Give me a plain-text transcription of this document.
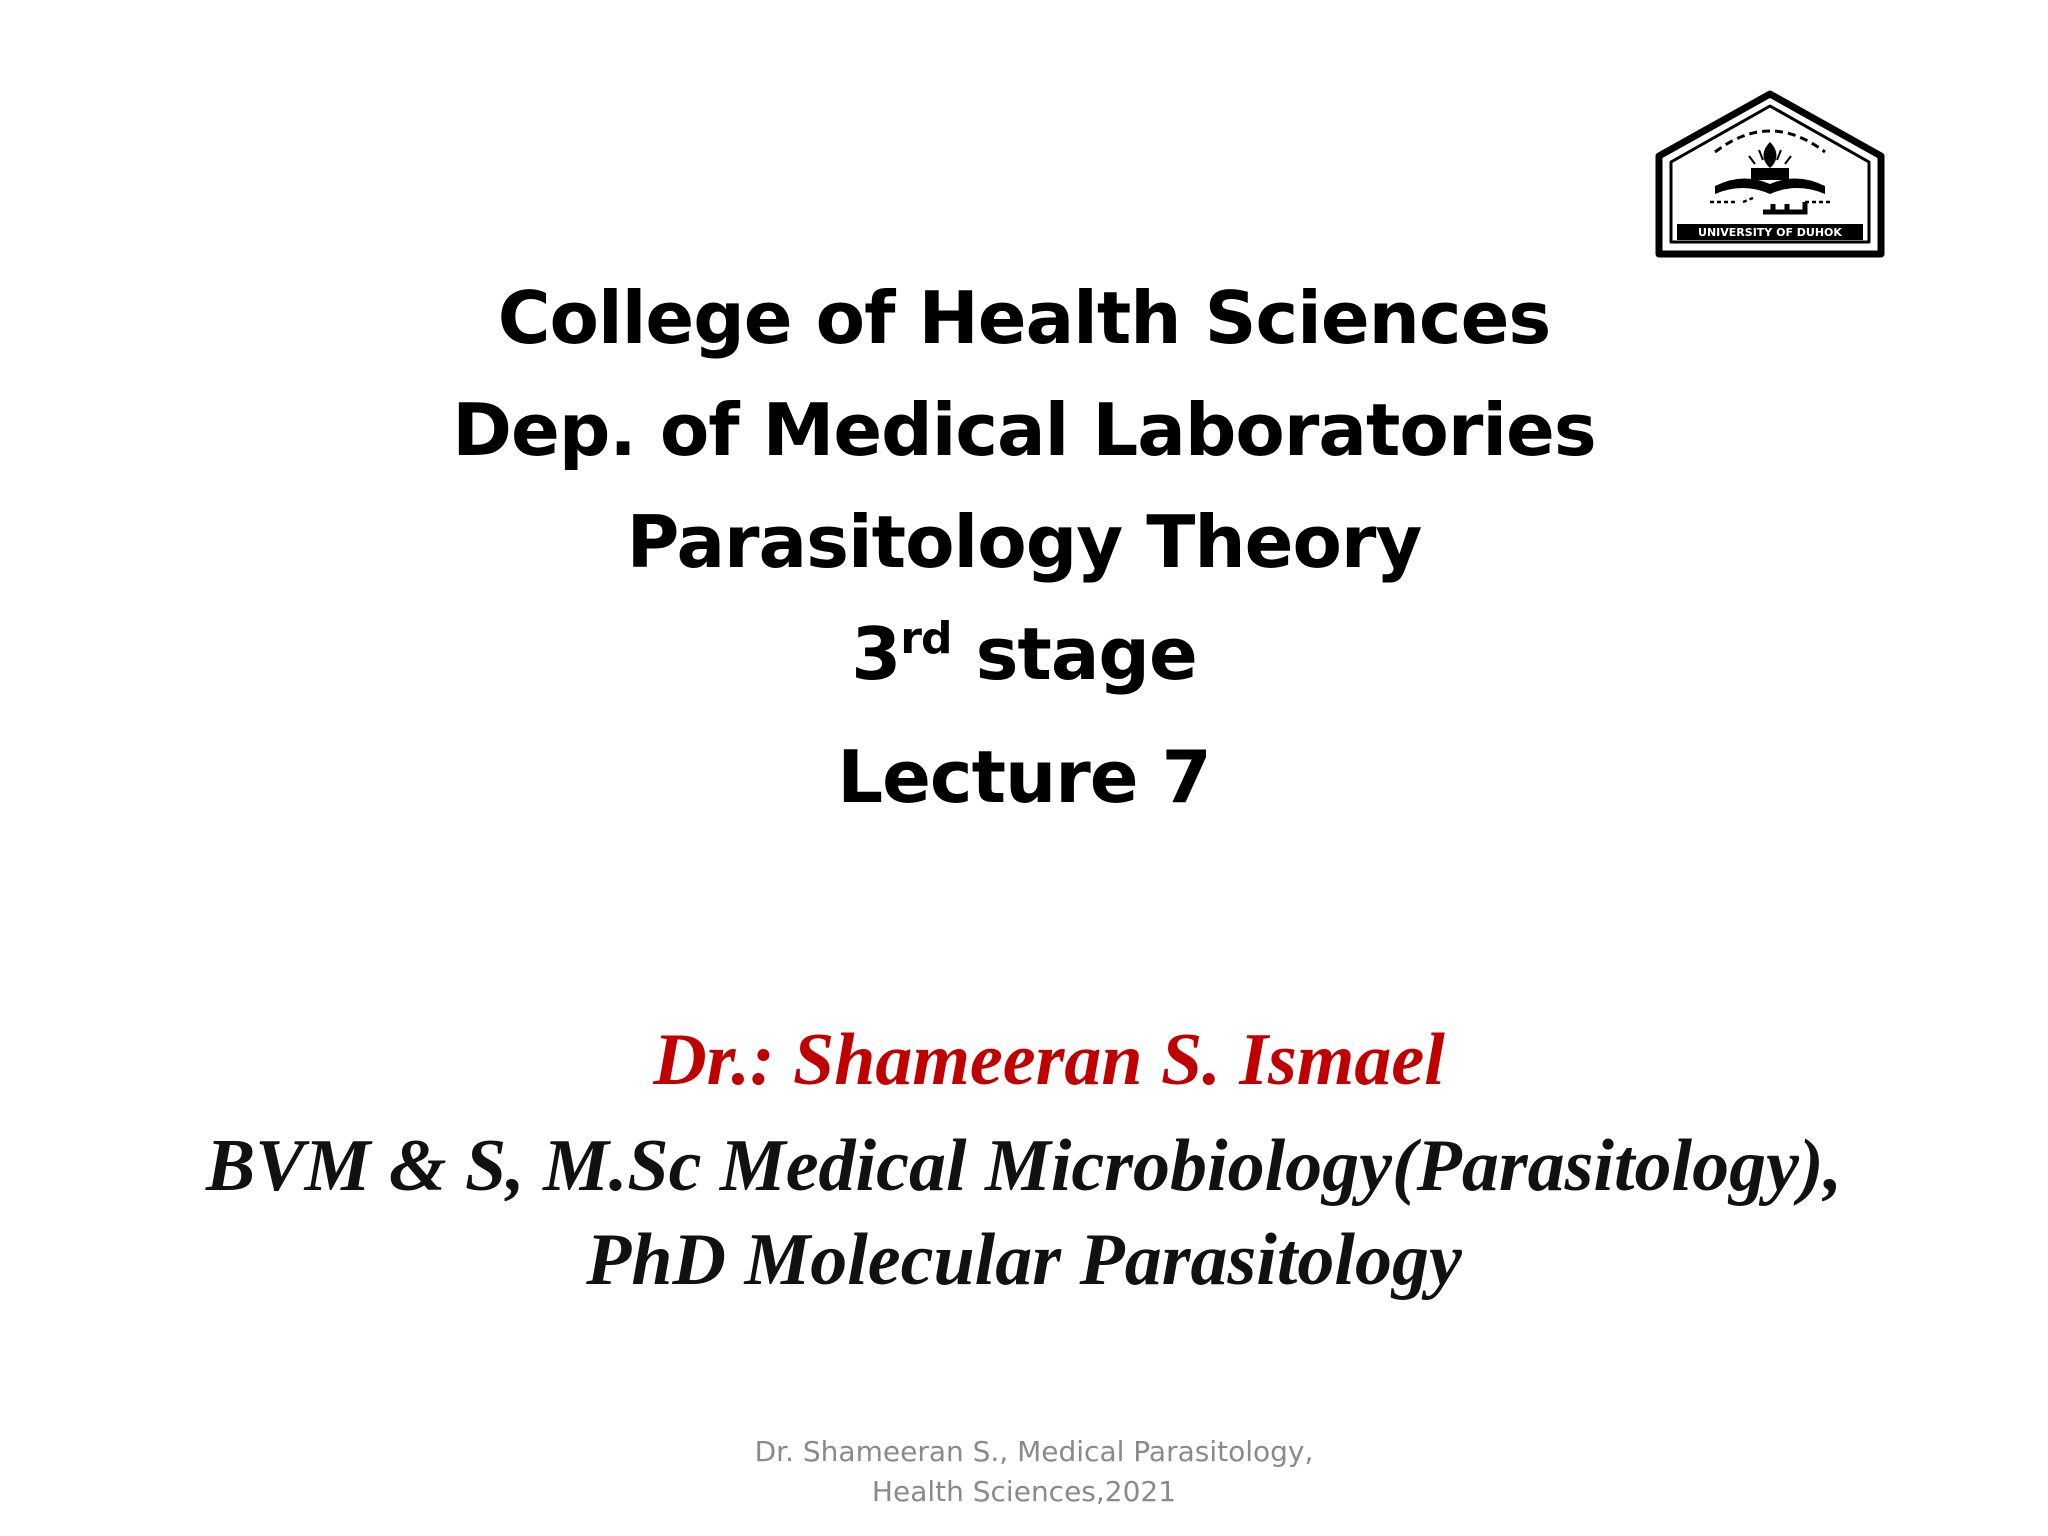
UNIVERSITY OF DUHOK
College of Health Sciences
Dep. of Medical Laboratories
Parasitology Theory
3rd stage
Lecture 7
Dr.: Shameeran S. Ismael
BVM & S, M.Sc Medical Microbiology(Parasitology),
PhD Molecular Parasitology
Dr. Shameeran S., Medical Parasitology,
Health Sciences,2021
